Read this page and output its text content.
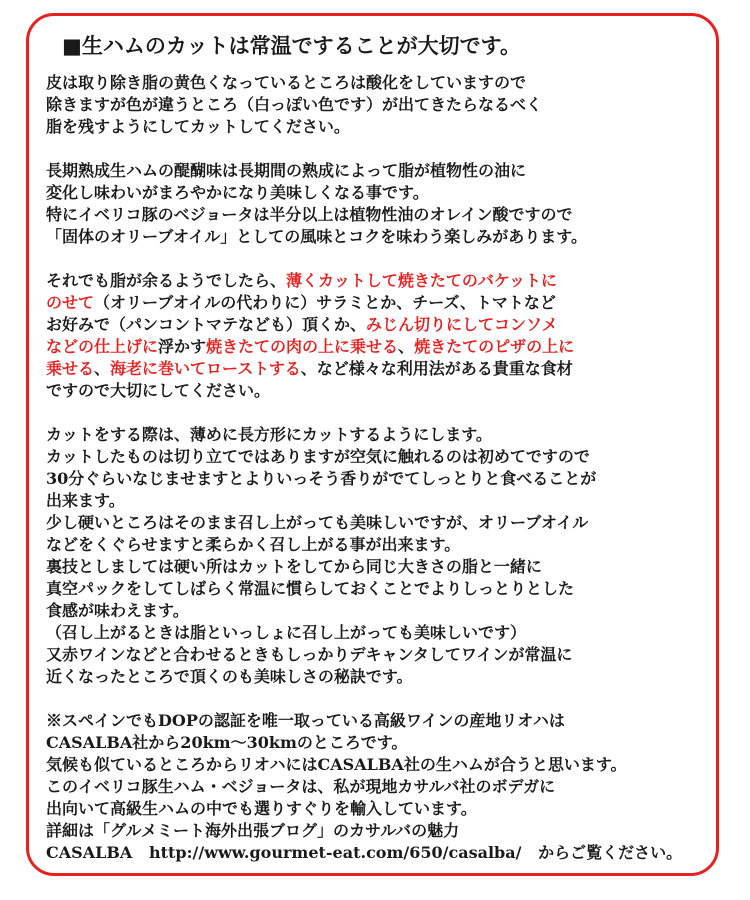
■生ハムのカットは常温ですることが大切です。
皮は取り除き脂の黄色くなっているところは酸化をしていますので
除きますが色が違うところ（白っぽい色です）が出てきたらなるべく
脂を残すようにしてカットしてください。
長期熟成生ハムの醍醐味は長期間の熟成によって脂が植物性の油に
変化し味わいがまろやかになり美味しくなる事です。
特にイベリコ豚のベジョータは半分以上は植物性油のオレイン酸ですので
「固体のオリーブオイル」としての風味とコクを味わう楽しみがあります。
それでも脂が余るようでしたら、薄くカットして焼きたてのバケットに
のせて（オリーブオイルの代わりに）サラミとか、チーズ、トマトなど
お好みで（パンコントマテなども）頂くか、みじん切りにしてコンソメ
などの仕上げに浮かす焼きたての肉の上に乗せる、焼きたてのピザの上に
乗せる、海老に巻いてローストする、など様々な利用法がある貴重な食材
ですので大切にしてください。
カットをする際は、薄めに長方形にカットするようにします。
カットしたものは切り立てではありますが空気に触れるのは初めてですので
30分ぐらいなじませますとよりいっそう香りがでてしっとりと食べることが
出来ます。
少し硬いところはそのまま召し上がっても美味しいですが、オリーブオイル
などをくぐらせますと柔らかく召し上がる事が出来ます。
裏技としましては硬い所はカットをしてから同じ大きさの脂と一緒に
真空パックをしてしばらく常温に慣らしておくことでよりしっとりとした
食感が味わえます。
（召し上がるときは脂といっしょに召し上がっても美味しいです）
又赤ワインなどと合わせるときもしっかりデキャンタしてワインが常温に
近くなったところで頂くのも美味しさの秘訣です。
※スペインでもDOPの認証を唯一取っている高級ワインの産地リオハは
CASALBA社から20km～30kmのところです。
気候も似ているところからリオハにはCASALBA社の生ハムが合うと思います。
このイベリコ豚生ハム・ベジョータは、私が現地カサルバ社のボデガに
出向いて高級生ハムの中でも選りすぐりを輸入しています。
詳細は「グルメミート海外出張ブログ」のカサルバの魅力
CASALBA   http://www.gourmet-eat.com/650/casalba/   からご覧ください。
